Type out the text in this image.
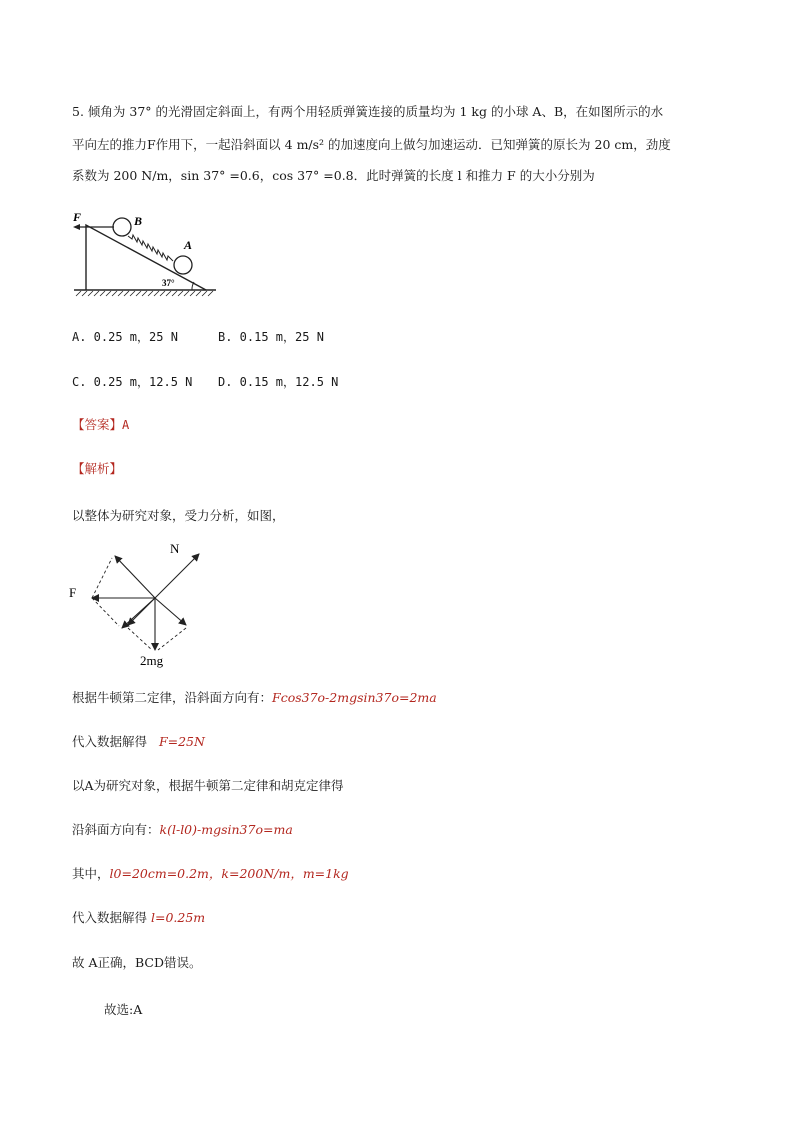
5. 倾角为 37° 的光滑固定斜面上，有两个用轻质弹簧连接的质量均为 1 kg 的小球 A、B，在如图所示的水
平向左的推力F作用下，一起沿斜面以 4 m/s² 的加速度向上做匀加速运动．已知弹簧的原长为 20 cm，劲度
系数为 200 N/m，sin 37° =0.6，cos 37° =0.8．此时弹簧的长度 l 和推力 F 的大小分别为
F	B
A
37°
A. 0.25 m，25 N	B. 0.15 m，25 N
C. 0.25 m，12.5 N D. 0.15 m，12.5 N
【答案】A
【解析】
以整体为研究对象，受力分析，如图，
N
F
2mg
根据牛顿第二定律，沿斜面方向有：Fcos37o-2mgsin37o=2ma
代入数据解得 F=25N
以A为研究对象，根据牛顿第二定律和胡克定律得
沿斜面方向有：k(l-l0)-mgsin37o=ma
其中，l0=20cm=0.2m，k=200N/m，m=1kg
代入数据解得 l=0.25m
故 A正确，BCD错误。
故选:A
